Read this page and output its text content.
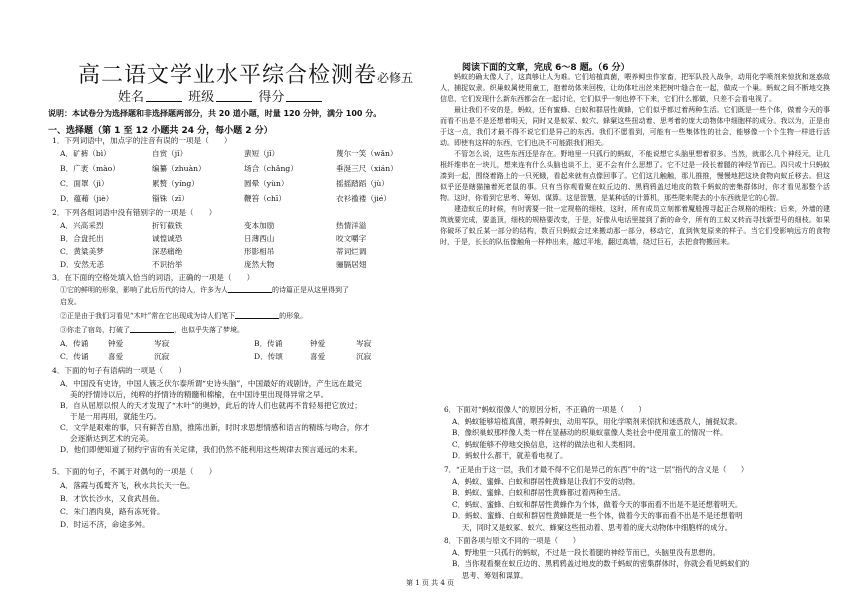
高二语文学业水平综合检测卷必修五
姓名	班级	得分
说明：本试卷分为选择题和非选择题两部分，共 20 道小题，时量 120 分钟，满分 100 分。
一、选择题（第 1 至 12 小题共 24 分，每小题 2 分）
1．下列词语中，加点字的注音有误的一项是（　　）
A．矿裤（bì）	自赏（jǐ）	蜚短（jǐ）	蔑尔一笑（wǎn）
B．广袤（mào）	编纂（zhuàn）	场合（chǎng）	垂涎三尺（xián）
C．面罩（jì）	累赘（yíng）	圆晕（yùn）	摇摇踏蹈（jù）
D．蕴藉（jiè）	锱铢（zī）	鞭笞（chī）	衣衫褴褛（jié）
2．下列各组词语中没有错别字的一项是（　　）
A．兴高采烈	折钉截铁	变本加励	热情洋溢
B．合盘托出	诚惶诚恐	日薄西山	咬文嚼字
C．黄粱美梦	深恶痛绝	形影相吊	蒂词烂调
D．安然无恙	不识抬举	庞然大物	骊膈居翅
3．在下面的空格处填入恰当的词语，正确的一项是（　　）
①它的鲜明的形象，影响了此后历代的诗人，许多为人	的诗篇正是从这里得到了
启发。
②正是由于我们习看见“木叶”常在它出现成为诗人们笔下	的形象。
③你走了宿岛，打破了	，也似乎失落了梦境。
A．传诵	钟爱	岑寂	B．传诵	钟爱	岑寂
C．传诵	喜爱	沉寂	D．传颂	喜爱	沉寂
4．下面的句子有语病的一项是（　　）
A．中国没有史诗，中国人簇乏伏尔泰所谓“史诗头脑”，中国最好的戏剧诗，产生远在最完
美的抒情诗以后，纯粹的抒情诗的精髓和棉榆，在中国诗里出现得异常之早。
B．自从屈原以恨人的天才发现了“木叶”的奥妙，此后的诗人们也就再不肯轻易把它放过；
于是一用再用，就能生巧。
C．文学是艰难的事，只有鲜苦自励，推陈出新，时时求思想情感和语言的精练与吻合，你才
会逐渐达到艺术的完美。
D．他们即便知道了韧约宇宙的有关定律，我们仍然不能利用这些规律去预言遥远的未来。
5．下面的句子，不属于对偶句的一项是（　　）
A．落霞与孤鹜齐飞，秋水共长天一色。
B．才饮长沙水，又食武昌鱼。
C．朱门酒肉臭，路有冻死骨。
D．时运不济，命途多舛。
阅读下面的文章，完成 6～8 题。（6 分）

蚂蚁的确太像人了，这真够让人为难。它们培植真菌，喂养鲟虫作家畜，把军队投入战争，动用化学喷剂来惊扰和迷惑敌人，捕捉奴隶。织巢蚁属使用童工，抱着幼体来回梭，让幼体吐出丝来把树叶缝合在一起，做成一个巢。蚂蚁之间不断地交换信息，它们发现什么新东西都会在一起讨论，它们似乎一刻也停不下来，它们什么都做，只差不会看电视了。

最让我们不安的是，蚂蚁，还有蜜蜂、白蚁和群居性黄蜂，它们似乎都过着两种生活。它们既是一些个体，做着今天的事而看不出是不是还想着明天，同时又是蚁冢、蚁穴、蜂窠这些扭动着、思考着的庞大动物体中细胞样的成分。我以为，正是由于这一点，我们才最不得不说它们是异己的东西。我们不愿看到，可能有一些集体性的社会，能够像一个个生物一样进行活动。即使有这样的东西，它们也决不可能跟我们相关。

不管怎么说，这些东西还是存在。野地里一只孤行的蚂蚁，不能说想它头脑里想着很多。当然，就那么几个神经元，让几根纤维串在一块儿，想来连有什么头脑也谈不上，更不会有什么思想了。它不过是一段长着腿的神经节而已。四只或十只蚂蚁凑到一起，围绕着路上的一只死蛾，看起来就有点像回事了。它们这儿触触，那儿推推，慢慢地把这块食物向蚁丘移去。但这似乎还是瞎猫撞着死老鼠的事。只有当你观看聚在蚁丘边的、黑鸦鸦盖过地皮的数千蚂蚁的密集群体时，你才看见那整个活物。这时，你看到它思考、筹划、谋算。这是智慧，是某种活的计算机，那些爬来爬去的小东西就是它的心智。

建造蚁丘的时候，有时需要一批一定规格的细枝，这时，所有成员立刻都着魔般搜寻起正合规格的细枝；后来，外墙的建筑就要完成，要盖顶，细枝的规格要改变，于是，好像从电话里接到了新的命令，所有的工蚁又转而寻找新型号的细枝。如果你破坏了蚁丘某一部分的结构，数百只蚂蚁会过来搬动那一部分，移动它，直到恢复原来的样子。当它们受影响远方的食物时，于是，长长的队伍像触角一样伸出来，越过平地，翻过高墙，绕过巨石，去把食物搬回来。

6．下面对“蚂蚁很像人”的原因分析，不正确的一项是（　　）
A．蚂蚁能够培植真菌，喂养鲟虫，动用军队，用化学喷剂来惊扰和迷惑敌人，捕捉奴隶。
B．像织巢蚁那样像人类一样在显赫动的织巢蚁童像人类社会中使用童工的情况一样。
C．蚂蚁能够不停地交换信息，这样的做法也和人类相同。
D．蚂蚁什么都干，就差看电视了。
7．“正是由于这一层，我们才最不得不它们是异己的东西”中的“这一层”指代的含义是（　　）
A．蚂蚁、蜜蜂、白蚁和群居性黄蜂是让我们不安的动物。
B．蚂蚁、蜜蜂、白蚁和群居性黄蜂都过着两种生活。
C．蚂蚁、蜜蜂、白蚁和群居性黄蜂作为个体，做着今天的事而看不出是不是还想着明天。
D．蚂蚁、蜜蜂、白蚁和群居性黄蜂既是一些个体，做着今天的事而看不出是不是还想着明
天，同时又是蚁冢、蚁穴、蜂窠这些扭动着、思考着的庞大动物体中细胞样的成分。
8．下面各项与原文不同的一项是（　　）
A．野地里一只孤行的蚂蚁，不过是一段长着腿的神经节而已，头脑里没有思想的。
B．当你观看聚在蚁丘边的、黑鸦鸦盖过地皮的数千蚂蚁的密集群体时，你就会看见蚂蚁们的
思考、筹划和谋算。
第 1 页 共 4 页
